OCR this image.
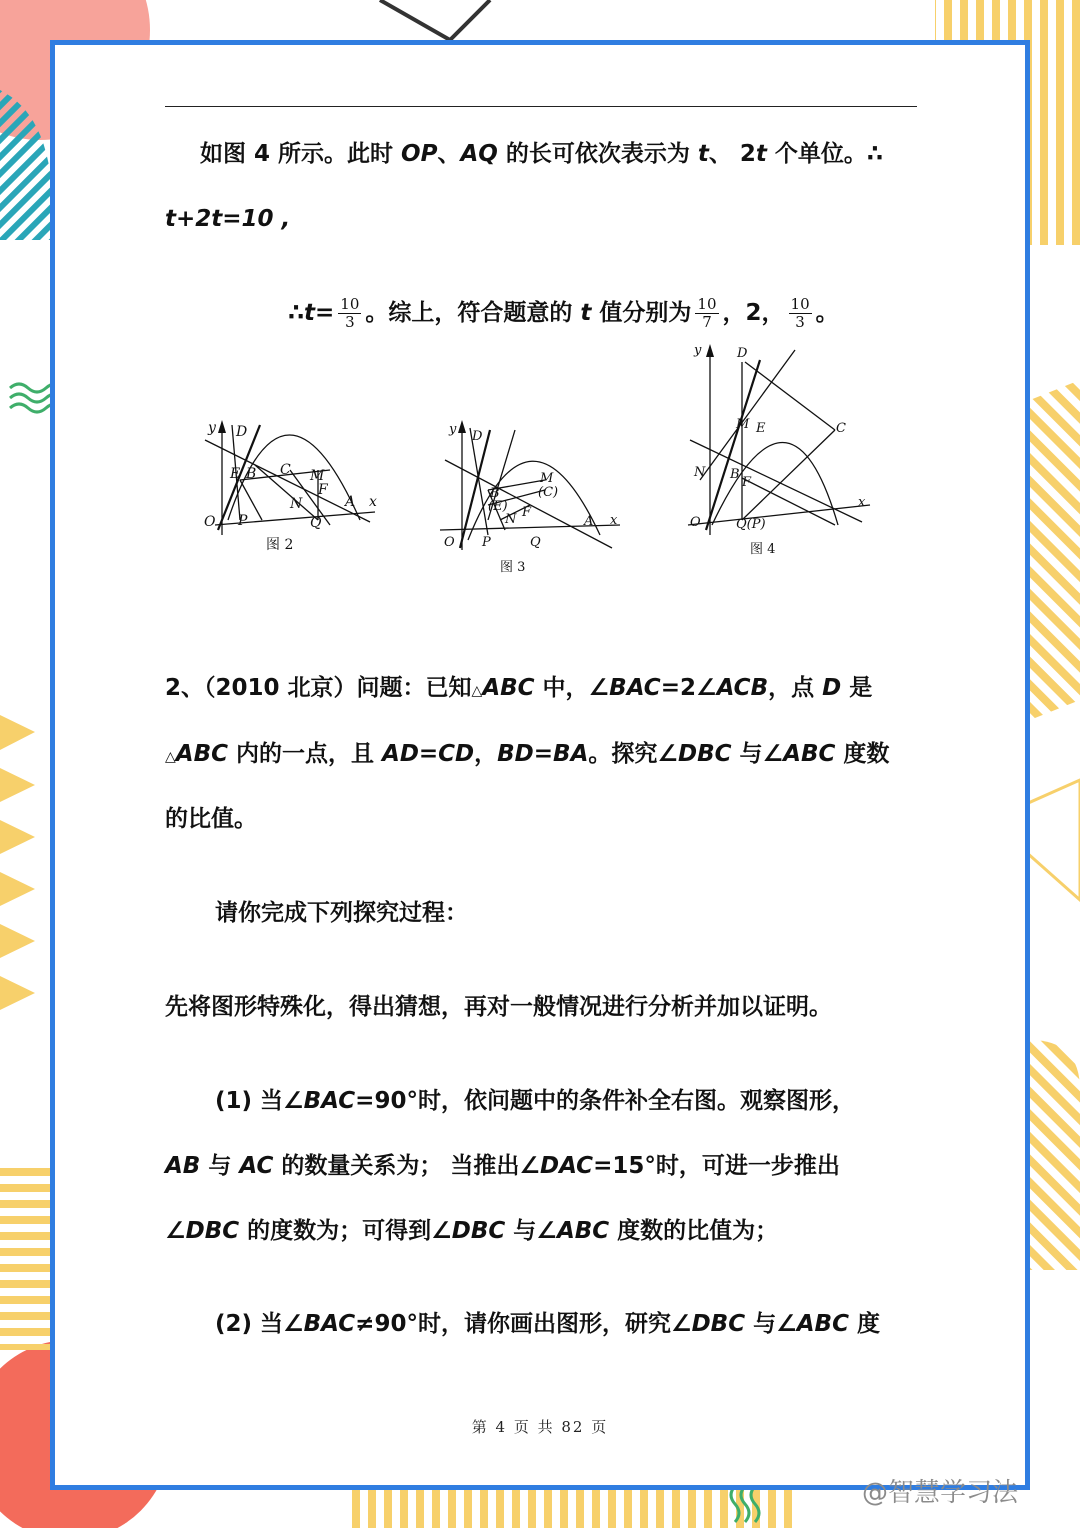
如图 4 所示。此时 OP、AQ 的长可依次表示为 t、 2t 个单位。∴
t+2t=10 ,
∴t= $\frac{10}{3}$ 。综上，符合题意的 t 值分别为 $\frac{10}{7}$ ，2， $\frac{10}{3}$ 。
y D
E B C M
N
F
A x
O P	Q
图 2
y D
B
(E)
M
(C)
N F
A x
O P	Q
图 3
y	D
M E	C
N B
F
x
O	Q(P)
图 4
2、（2010 北京）问题：已知△ABC 中，∠BAC=2∠ACB，点 D 是
△ABC 内的一点，且 AD=CD，BD=BA。探究∠DBC 与∠ABC 度数
的比值。
请你完成下列探究过程：
先将图形特殊化，得出猜想，再对一般情况进行分析并加以证明。
(1) 当∠BAC=90°时，依问题中的条件补全右图。观察图形，
AB 与 AC 的数量关系为； 当推出∠DAC=15°时，可进一步推出
∠DBC 的度数为；可得到∠DBC 与∠ABC 度数的比值为；
(2) 当∠BAC≠90°时，请你画出图形，研究∠DBC 与∠ABC 度
第 4 页 共 82 页
@智慧学习法
